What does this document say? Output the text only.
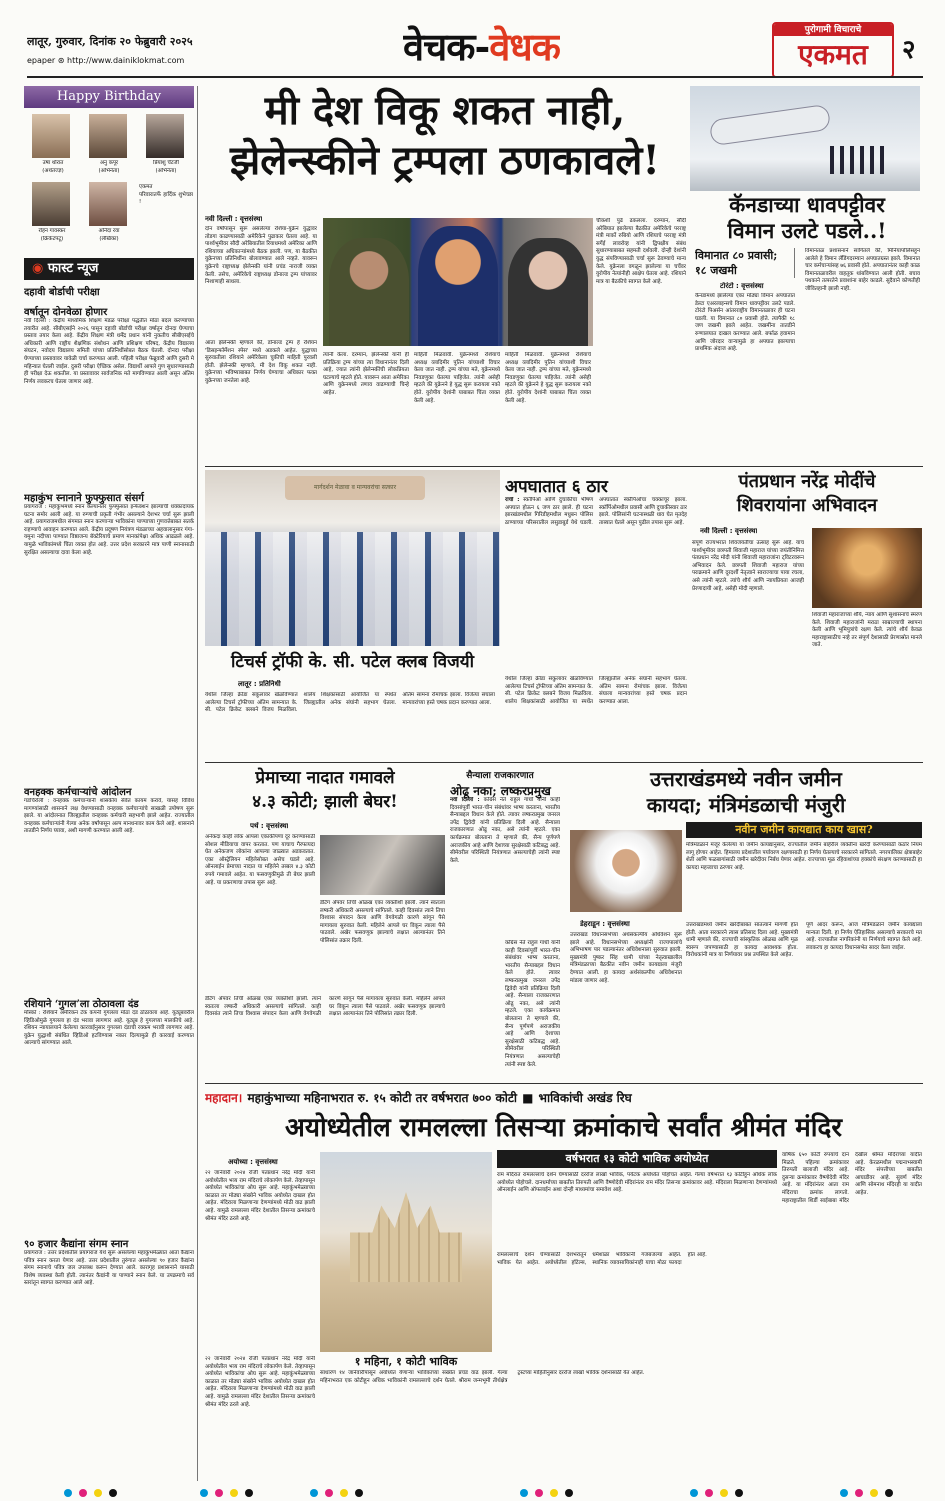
लातूर, गुरुवार, दिनांक २० फेब्रुवारी २०२५
epaper ⊛ http://www.dainiklokmat.com	वेचक-वेधक	पुरोगामी विचाराचे
एकमत	२
Happy Birthday
उषा थोरात
(अर्थतज्ज्ञ)
अनु कपूर
(अभिनेता)
प्रियांशु चॅटर्जी
(अभिनेता)
एकमत
परिवारातर्फे हार्दिक शुभेच्छा !
रोहन गावस्कर
(क्रिकेटपटू)
अनिंदा रवा
(लेखिका)
◉ फास्ट न्यूज
दहावी बोर्डाची परीक्षा
वर्षातून दोनवेळा होणार

नवी दिल्ली : केंद्रीय माध्यमिक शिक्षण मंडळ परीक्षा पद्धतीत मोठा बदल करण्याच्या तयारीत आहे. सीबीएसईने २०२६ पासून दहावी बोर्डाची परीक्षा वर्षातून दोनदा घेण्याचा प्रस्ताव तयार केला आहे. केंद्रीय शिक्षण मंत्री धर्मेंद्र प्रधान यांनी नुकतीच सीबीएसईचे अधिकारी आणि राष्ट्रीय शैक्षणिक संशोधन आणि प्रशिक्षण परिषद, केंद्रीय विद्यालय संघटन, नवोदय विद्यालय समिती यांच्या प्रतिनिधींसोबत बैठक घेतली. दोनदा परीक्षा घेण्याच्या प्रस्तावावर यावेळी चर्चा करण्यात आली. पहिली परीक्षा फेब्रुवारी आणि दुसरी मे महिन्यात घेतली जाईल. दुसरी परीक्षा ऐच्छिक असेल. विद्यार्थी आपले गुण सुधारण्यासाठी ही परीक्षा देऊ शकतील. या प्रस्तावावर सार्वजनिक मते मागविण्यात आली असून अंतिम निर्णय लवकरच घेतला जाणार आहे.

महाकुंभ स्नानाने फुफ्फुसात संसर्ग

प्रयागराज : महाकुंभमध्ये स्नान केल्यानंतर फुफ्फुसात इन्फेक्शन झाल्याची धक्कादायक घटना समोर आली आहे. या रुग्णाची प्रकृती गंभीर असल्याने देशभर चर्चा सुरू झाली आहे. प्रयागराजमधील संगमात स्नान करणाऱ्या भाविकांना पाण्याच्या गुणवत्तेबाबत सतर्क राहण्याचे आवाहन करण्यात आले. केंद्रीय प्रदूषण नियंत्रण मंडळाच्या अहवालानुसार गंगा-यमुना नदीच्या पाण्यात विष्ठाजन्य बॅक्टेरियाचे प्रमाण मानकांपेक्षा अधिक आढळले आहे. यामुळे भाविकांमध्ये चिंता व्यक्त होत आहे. उत्तर प्रदेश सरकारने मात्र पाणी स्नानासाठी सुरक्षित असल्याचा दावा केला आहे.

वनहक्क कर्मचाऱ्यांचे आंदोलन

गडचिरोली : वनहक्क कर्मचाऱ्यांनी शासकीय सेवेत कायम करावे, यासह विविध मागण्यांसाठी शासनाने लक्ष वेधण्यासाठी वनहक्क कर्मचाऱ्यांचे साखळी उपोषण सुरू झाले. या आंदोलनात जिल्ह्यातील वनहक्क कर्मचारी सहभागी झाले आहेत. राज्यातील वनहक्क कर्मचाऱ्यांनी गेल्या अनेक वर्षांपासून अल्प मानधनावर काम केले आहे. शासनाने तातडीने निर्णय घ्यावा, अशी मागणी करण्यात आली आहे.

रशियाने ‘गुगल’ला ठोठावला दंड

मॉस्को : रशियाने अमेरिकन टेक कंपनी गुगलला मोठा दंड ठोठावला आहे. यूट्यूबवरील व्हिडिओमुळे गुगलला हा दंड भरावा लागणार आहे. यूट्यूब हे गुगलच्या मालकीचे आहे. रशियन न्यायालयाने केलेल्या कारवाईनुसार गुगलला दंडाची रक्कम भरावी लागणार आहे. युक्रेन युद्धाशी संबंधित व्हिडिओ हटविण्यास नकार दिल्यामुळे ही कारवाई करण्यात आल्याचे सांगण्यात आले.

९० हजार कैद्यांना संगम स्नान

प्रयागराज : उत्तर प्रदेशातील प्रयागराज येथे सुरू असलेल्या महाकुंभमेळ्यात आता कैद्यांना पवित्र स्नान करता येणार आहे. उत्तर प्रदेशातील तुरुंगात असलेल्या ९० हजार कैद्यांना संगम स्नानाचे पवित्र जल उपलब्ध करून देण्यात आले. कारागृह प्रशासनाने यासाठी विशेष व्यवस्था केली होती. त्यानंतर कैद्यांनी या पाण्याने स्नान केले. या उपक्रमाचे सर्व स्तरांतून स्वागत करण्यात आले आहे.

मी देश विकू शकत नाही,
झेलेन्स्कीने ट्रम्पला ठणकावले!
नवी दिल्ली : वृत्तसंस्था
दोन वर्षांपासून सुरू असलेल्या रशिया-युक्रेन युद्धावर तोडगा काढण्यासाठी अमेरिकेने पुढाकार घेतला आहे. या पार्श्वभूमीवर सौदी अरेबियातील रियाधमध्ये अमेरिका आणि रशियाच्या अधिकाऱ्यांमध्ये बैठक झाली. पण, या बैठकीत युक्रेनच्या प्रतिनिधींना बोलावण्यात आले नव्हते. यावरून युक्रेनचे राष्ट्राध्यक्ष झेलेन्स्की यांनी प्रचंड नाराजी व्यक्त केली. तसेच, अमेरिकेचे राष्ट्राध्यक्ष डोनाल्ड ट्रम्प यांच्यावर निशाणाही साधला.
आता झेलेन्स्की म्हणाले की, डोनाल्ड ट्रम्प हे रशियन 'डिसइन्फॉर्मेशन स्पेस' मध्ये अडकले आहेत. युद्धाच्या सुरुवातीला रशियाने अमेरिकेला चुकीची माहिती पुरवली होती. झेलेन्स्की म्हणाले, मी देश विकू शकत नाही. युक्रेनच्या भविष्याबाबत निर्णय घेण्याचा अधिकार फक्त युक्रेनच्या जनतेला आहे.
त्यांनी केला. दरम्यान, झेलेन्स्की यांनी ही प्रतिक्रिया ट्रम्प यांच्या त्या विधानानंतर दिली आहे, ज्यात त्यांनी झेलेन्स्कींची लोकप्रियता घटल्याचे म्हटले होते. यावरून आता अमेरिका आणि युक्रेनमध्ये तणाव वाढण्याची चिन्हे आहेत.
माहिती मिळवावी. युक्रेनमध्ये रशियाचे अध्यक्ष व्लादिमीर पुतिन यांच्याशी विचार केला जात नाही. ट्रम्प यांच्या मते, युक्रेनमध्ये निवडणुका घेतल्या पाहिजेत. त्यांनी असेही म्हटले की युक्रेनने हे युद्ध सुरू करायला नको होते. युरोपीय देशांनी याबाबत चिंता व्यक्त केली आहे.
चौकशी पुढे ढकलला. दरम्यान, सौदी अरेबियात झालेल्या बैठकीत अमेरिकेचे परराष्ट्र मंत्री मार्को रुबियो आणि रशियाचे परराष्ट्र मंत्री सर्गेई लावरोव्ह यांनी द्विपक्षीय संबंध सुधारण्याबाबत सहमती दर्शवली. दोन्ही देशांनी युद्ध संपविण्यासाठी चर्चा सुरू ठेवण्याचे मान्य केले. युक्रेनला वगळून झालेल्या या चर्चेवर युरोपीय नेत्यांनीही आक्षेप घेतला आहे. रशियाने मात्र या बैठकीचे स्वागत केले आहे.
माहिती मिळवावी. युक्रेनमध्ये रशियाचे अध्यक्ष व्लादिमीर पुतिन यांच्याशी विचार केला जात नाही. ट्रम्प यांच्या मते, युक्रेनमध्ये निवडणुका घेतल्या पाहिजेत. त्यांनी असेही म्हटले की युक्रेनने हे युद्ध सुरू करायला नको होते. युरोपीय देशांनी याबाबत चिंता व्यक्त केली आहे.
कॅनडाच्या धावपट्टीवर
विमान उलटे पडले..!
विमानात ८० प्रवासी; १८ जखमी
टोरंटो : वृत्तसंस्था
कॅनडामध्ये झालेल्या एका मोठ्या विमान अपघातात डेल्टा एअरलाइन्सचे विमान धावपट्टीवर उलटे पडले. टोरंटो पिअर्सन आंतरराष्ट्रीय विमानतळावर ही घटना घडली. या विमानात ८० प्रवासी होते. त्यापैकी १८ जण जखमी झाले आहेत. जखमींना तातडीने रुग्णालयात दाखल करण्यात आले. बर्फाळ हवामान आणि जोरदार वाऱ्यामुळे हा अपघात झाल्याचा प्राथमिक अंदाज आहे.
विमानतळ प्रशासनाने सांगितले की, मिनियापोलिसहून आलेले हे विमान लँडिंगदरम्यान अपघातग्रस्त झाले. विमानात चार कर्मचाऱ्यांसह ७६ प्रवासी होते. अपघातानंतर काही काळ विमानतळावरील वाहतूक थांबविण्यात आली होती. बचाव पथकाने तत्परतेने प्रवाशांना बाहेर काढले. सुदैवाने कोणतीही जीवितहानी झाली नाही.
मार्गदर्शन मेळावा व मान्यवरांचा सत्कार
टिचर्स ट्रॉफी के. सी. पटेल क्लब विजयी
लातूर : प्रतिनिधी
येथील जिल्हा क्रीडा संकुलावर खेळविण्यात आलेल्या टिचर्स ट्रॉफीच्या अंतिम सामन्यात के. सी. पटेल क्रिकेट क्लबने विजय मिळविला. शालेय शिक्षकांसाठी आयोजित या स्पर्धेत जिल्ह्यातील अनेक संघांनी सहभाग घेतला. अंतिम सामना रोमांचक झाला. विजेत्या संघाला मान्यवरांच्या हस्ते चषक प्रदान करण्यात आला.
येथील जिल्हा क्रीडा संकुलावर खेळविण्यात आलेल्या टिचर्स ट्रॉफीच्या अंतिम सामन्यात के. सी. पटेल क्रिकेट क्लबने विजय मिळविला. शालेय शिक्षकांसाठी आयोजित या स्पर्धेत जिल्ह्यातील अनेक संघांनी सहभाग घेतला. अंतिम सामना रोमांचक झाला. विजेत्या संघाला मान्यवरांच्या हस्ते चषक प्रदान करण्यात आला.
अपघातात ६ ठार
रांची : स्कॉर्पिओ आणि दुचाकीचा भीषण अपघात होऊन ६ जण ठार झाले. ही घटना झारखंडमधील गिरिडीहमधील मधुबन पोलिस ठाण्याच्या परिसरातील लसुडाबुर्ड येथे घडली. अपघातात स्कॉर्पिओचा चक्काचूर झाला. स्कॉर्पिओमधील प्रवासी आणि दुचाकीस्वार ठार झाले. पोलिसांनी घटनास्थळी धाव घेत मृतदेह ताब्यात घेतले असून पुढील तपास सुरू आहे.
पंतप्रधान नरेंद्र मोदींचे
शिवरायांना अभिवादन
नवी दिल्ली : वृत्तसंस्था
संपूर्ण राज्यभरात शिवजयंतीचा उत्साह सुरू आहे. याच पार्श्वभूमीवर छत्रपती शिवाजी महाराज यांच्या जयंतीनिमित्त पंतप्रधान नरेंद्र मोदी यांनी शिवाजी महाराजांना ट्विटरवरून अभिवादन केले. छत्रपती शिवाजी महाराज यांच्या पराक्रमाने आणि दूरदर्शी नेतृत्वाने स्वराज्याचा पाया रचला, असे त्यांनी म्हटले. त्यांचे शौर्य आणि न्यायप्रियता आजही प्रेरणादायी आहे, असेही मोदी म्हणाले.
शिवाजी महाराजांच्या शौर्य, न्याय आणि सुशासनाचे स्मरण केले. शिवाजी महाराजांनी मराठा साम्राज्याची स्थापना केली आणि भूमिपुत्रांचे रक्षण केले. त्यांचे शौर्य केवळ महाराष्ट्रासाठीच नव्हे तर संपूर्ण देशासाठी प्रेरणास्रोत मानले जाते.
प्रेमाच्या नादात गमावले
४.३ कोटी; झाली बेघर!
पर्थ : वृत्तसंस्था
अनेकदा काही लोक आपला एकाकीपणा दूर करण्यासाठी सोशल मीडियाचा वापर करतात. पण याचाच गैरफायदा घेत अनेकजण लोकांना आपल्या जाळ्यात अडकवतात. एका ऑस्ट्रेलियन महिलेसोबत असेच घडले आहे. ऑनलाईन प्रेमाच्या नादात या महिलेने तब्बल ४.३ कोटी रुपये गमावले आहेत. या फसवणुकीमुळे ती बेघर झाली आहे. या प्रकरणाचा तपास सुरू आहे.
डेटिंग ॲपवर तिची ओळख एका व्यक्तीशी झाली. त्याने स्वतःला लष्करी अधिकारी असल्याचे सांगितले. काही दिवसांत त्याने तिचा विश्वास संपादन केला आणि वेगवेगळी कारणे सांगून पैसे मागायला सुरुवात केली. महिलेने आपले घर विकून त्याला पैसे पाठवले. अखेर फसवणूक झाल्याचे लक्षात आल्यानंतर तिने पोलिसांत तक्रार दिली.
डेटिंग ॲपवर तिची ओळख एका व्यक्तीशी झाली. त्याने स्वतःला लष्करी अधिकारी असल्याचे सांगितले. काही दिवसांत त्याने तिचा विश्वास संपादन केला आणि वेगवेगळी कारणे सांगून पैसे मागायला सुरुवात केली. महिलेने आपले घर विकून त्याला पैसे पाठवले. अखेर फसवणूक झाल्याचे लक्षात आल्यानंतर तिने पोलिसांत तक्रार दिली.
सैन्याला राजकारणात
ओढू नका; लष्करप्रमुख
नवी दिल्ली : काँग्रेस नेते राहुल गांधी यांनी काही दिवसांपूर्वी भारत-चीन संबंधांवर भाष्य करताना, भारतीय सैन्याबद्दल विधान केले होते. त्यावर लष्करप्रमुख जनरल उपेंद्र द्विवेदी यांनी प्रतिक्रिया दिली आहे. सैन्याला राजकारणात ओढू नका, असे त्यांनी म्हटले. एका कार्यक्रमात बोलताना ते म्हणाले की, सैन्य पूर्णपणे अराजकीय आहे आणि देशाच्या सुरक्षेसाठी कटिबद्ध आहे. सीमेवरील परिस्थिती नियंत्रणात असल्याचेही त्यांनी स्पष्ट केले.
काँग्रेस नेते राहुल गांधी यांनी काही दिवसांपूर्वी भारत-चीन संबंधांवर भाष्य करताना, भारतीय सैन्याबद्दल विधान केले होते. त्यावर लष्करप्रमुख जनरल उपेंद्र द्विवेदी यांनी प्रतिक्रिया दिली आहे. सैन्याला राजकारणात ओढू नका, असे त्यांनी म्हटले. एका कार्यक्रमात बोलताना ते म्हणाले की, सैन्य पूर्णपणे अराजकीय आहे आणि देशाच्या सुरक्षेसाठी कटिबद्ध आहे. सीमेवरील परिस्थिती नियंत्रणात असल्याचेही त्यांनी स्पष्ट केले.
उत्तराखंडमध्ये नवीन जमीन
कायदा; मंत्रिमंडळाची मंजुरी
नवीन जमीन कायद्यात काय खास?
मंत्रिमंडळाने मंजूर केलेल्या या जमीन कायद्यानुसार, राज्यातील जमीन बाहेरील व्यक्तींना खरेदी करण्यासाठी कठोर नियम लागू होणार आहेत. हिमालय प्रदेशातील पर्यावरण रक्षणासाठी हा निर्णय घेतल्याचे सरकारने सांगितले. नगरपालिका क्षेत्राबाहेर शेती आणि फळबागांसाठी जमीन खरेदीवर निर्बंध येणार आहेत. राज्याच्या मूळ रहिवाशांच्या हक्कांचे संरक्षण करण्यासाठी हा कायदा महत्त्वाचा ठरणार आहे.
डेहराडून : वृत्तसंस्था
उत्तराखंड विधानसभेच्या अर्थसंकल्पीय अधिवेशन सुरू झाले आहे. विधानसभेच्या अध्यक्षांनी राज्यपालांचे अभिभाषण पार पडल्यानंतर अधिवेशनाला सुरुवात झाली. मुख्यमंत्री पुष्कर सिंह धामी यांच्या नेतृत्वाखालील मंत्रिमंडळाच्या बैठकीत नवीन जमीन कायद्याला मंजुरी देण्यात आली. हा कायदा अर्थसंकल्पीय अधिवेशनात मांडला जाणार आहे.
उत्तराखंडमध्ये जमीन खरेदीबाबत सातत्याने मागणी होत होती. आता सरकारने त्यास प्रतिसाद दिला आहे. मुख्यमंत्री धामी म्हणाले की, राज्याची सांस्कृतिक ओळख आणि मूळ स्वरूप जपण्यासाठी हा कायदा आवश्यक होता. विरोधकांनी मात्र या निर्णयावर प्रश्न उपस्थित केले आहेत.
पूर्ण आदर करून, आज मंत्रिमंडळाने जमीन कायद्याला मान्यता दिली. हा निर्णय ऐतिहासिक असल्याचे सरकारचे मत आहे. राज्यातील नागरिकांनी या निर्णयाचे स्वागत केले आहे. लवकरच हा कायदा विधानसभेत सादर केला जाईल.
महादान। महाकुंभाच्या महिनाभरात रु. १५ कोटी तर वर्षभरात ७०० कोटी ■ भाविकांची अखंड रिघ
अयोध्येतील रामलल्ला तिसऱ्या क्रमांकाचे सर्वांत श्रीमंत मंदिर
अयोध्या : वृत्तसंस्था
२२ जानेवारी २०२४ रोजी पंतप्रधान नरेंद्र मोदी यांनी अयोध्येतील भव्य राम मंदिराचे लोकार्पण केले. तेव्हापासून अयोध्येत भाविकांचा ओघ सुरू आहे. महाकुंभमेळ्याच्या काळात तर मोठ्या संख्येने भाविक अयोध्येत दाखल होत आहेत. मंदिराला मिळणाऱ्या देणग्यांमध्ये मोठी वाढ झाली आहे. यामुळे रामलल्ला मंदिर देशातील तिसऱ्या क्रमांकाचे श्रीमंत मंदिर ठरले आहे.
१ महिना, १ कोटी भाविक
साधारण १४ जानेवारीपासून अयोध्येत येणाऱ्या भाविकांच्या संख्येत प्रचंड वाढ झाली. गेल्या महिनाभरात एक कोटीहून अधिक भाविकांनी रामलल्लाचे दर्शन घेतले. श्रीराम जन्मभूमी तीर्थक्षेत्र ट्रस्टच्या माहितीनुसार दररोज लाखो भाविक दर्शनासाठी येत आहेत.
२२ जानेवारी २०२४ रोजी पंतप्रधान नरेंद्र मोदी यांनी अयोध्येतील भव्य राम मंदिराचे लोकार्पण केले. तेव्हापासून अयोध्येत भाविकांचा ओघ सुरू आहे. महाकुंभमेळ्याच्या काळात तर मोठ्या संख्येने भाविक अयोध्येत दाखल होत आहेत. मंदिराला मिळणाऱ्या देणग्यांमध्ये मोठी वाढ झाली आहे. यामुळे रामलल्ला मंदिर देशातील तिसऱ्या क्रमांकाचे श्रीमंत मंदिर ठरले आहे.
वर्षभरात १३ कोटी भाविक अयोध्येत
राम मंदिरात रामलल्लाचे दर्शन घेण्यासाठी दररोज लाखो भाविक, पर्यटक अयोध्येत पोहोचत आहेत. गेल्या वर्षभरात १३ कोटींहून अधिक लोक अयोध्येत पोहोचले. दानधर्माच्या बाबतीत तिरुपती आणि वैष्णोदेवी मंदिरांनंतर राम मंदिर तिसऱ्या क्रमांकावर आहे. मंदिराला मिळणाऱ्या देणग्यांमध्ये ऑनलाईन आणि ऑफलाईन अशा दोन्ही माध्यमांचा समावेश आहे.
रामलल्लाचे दर्शन घेण्यासाठी देशभरातून भाविक येत आहेत. अयोध्येतील हॉटेल्स, धर्मशाळा भाविकांनी गजबजल्या आहेत. स्थानिक व्यावसायिकांनाही याचा मोठा फायदा होत आहे.
वार्षिक ६५० कोटी रुपयांचे दान मिळते. पहिल्या क्रमांकावर तिरुपती बालाजी मंदिर आहे. दुसऱ्या क्रमांकावर वैष्णोदेवी मंदिर आहे. या मंदिरांनंतर आता राम मंदिराचा क्रमांक लागतो. महाराष्ट्रातील शिर्डी साईबाबा मंदिर देखील श्रीमंत मंदिरांच्या यादीत आहे. केरळमधील पद्मनाभस्वामी मंदिर संपत्तीच्या बाबतीत आघाडीवर आहे. सुवर्ण मंदिर आणि सोमनाथ मंदिरही या यादीत आहेत.
